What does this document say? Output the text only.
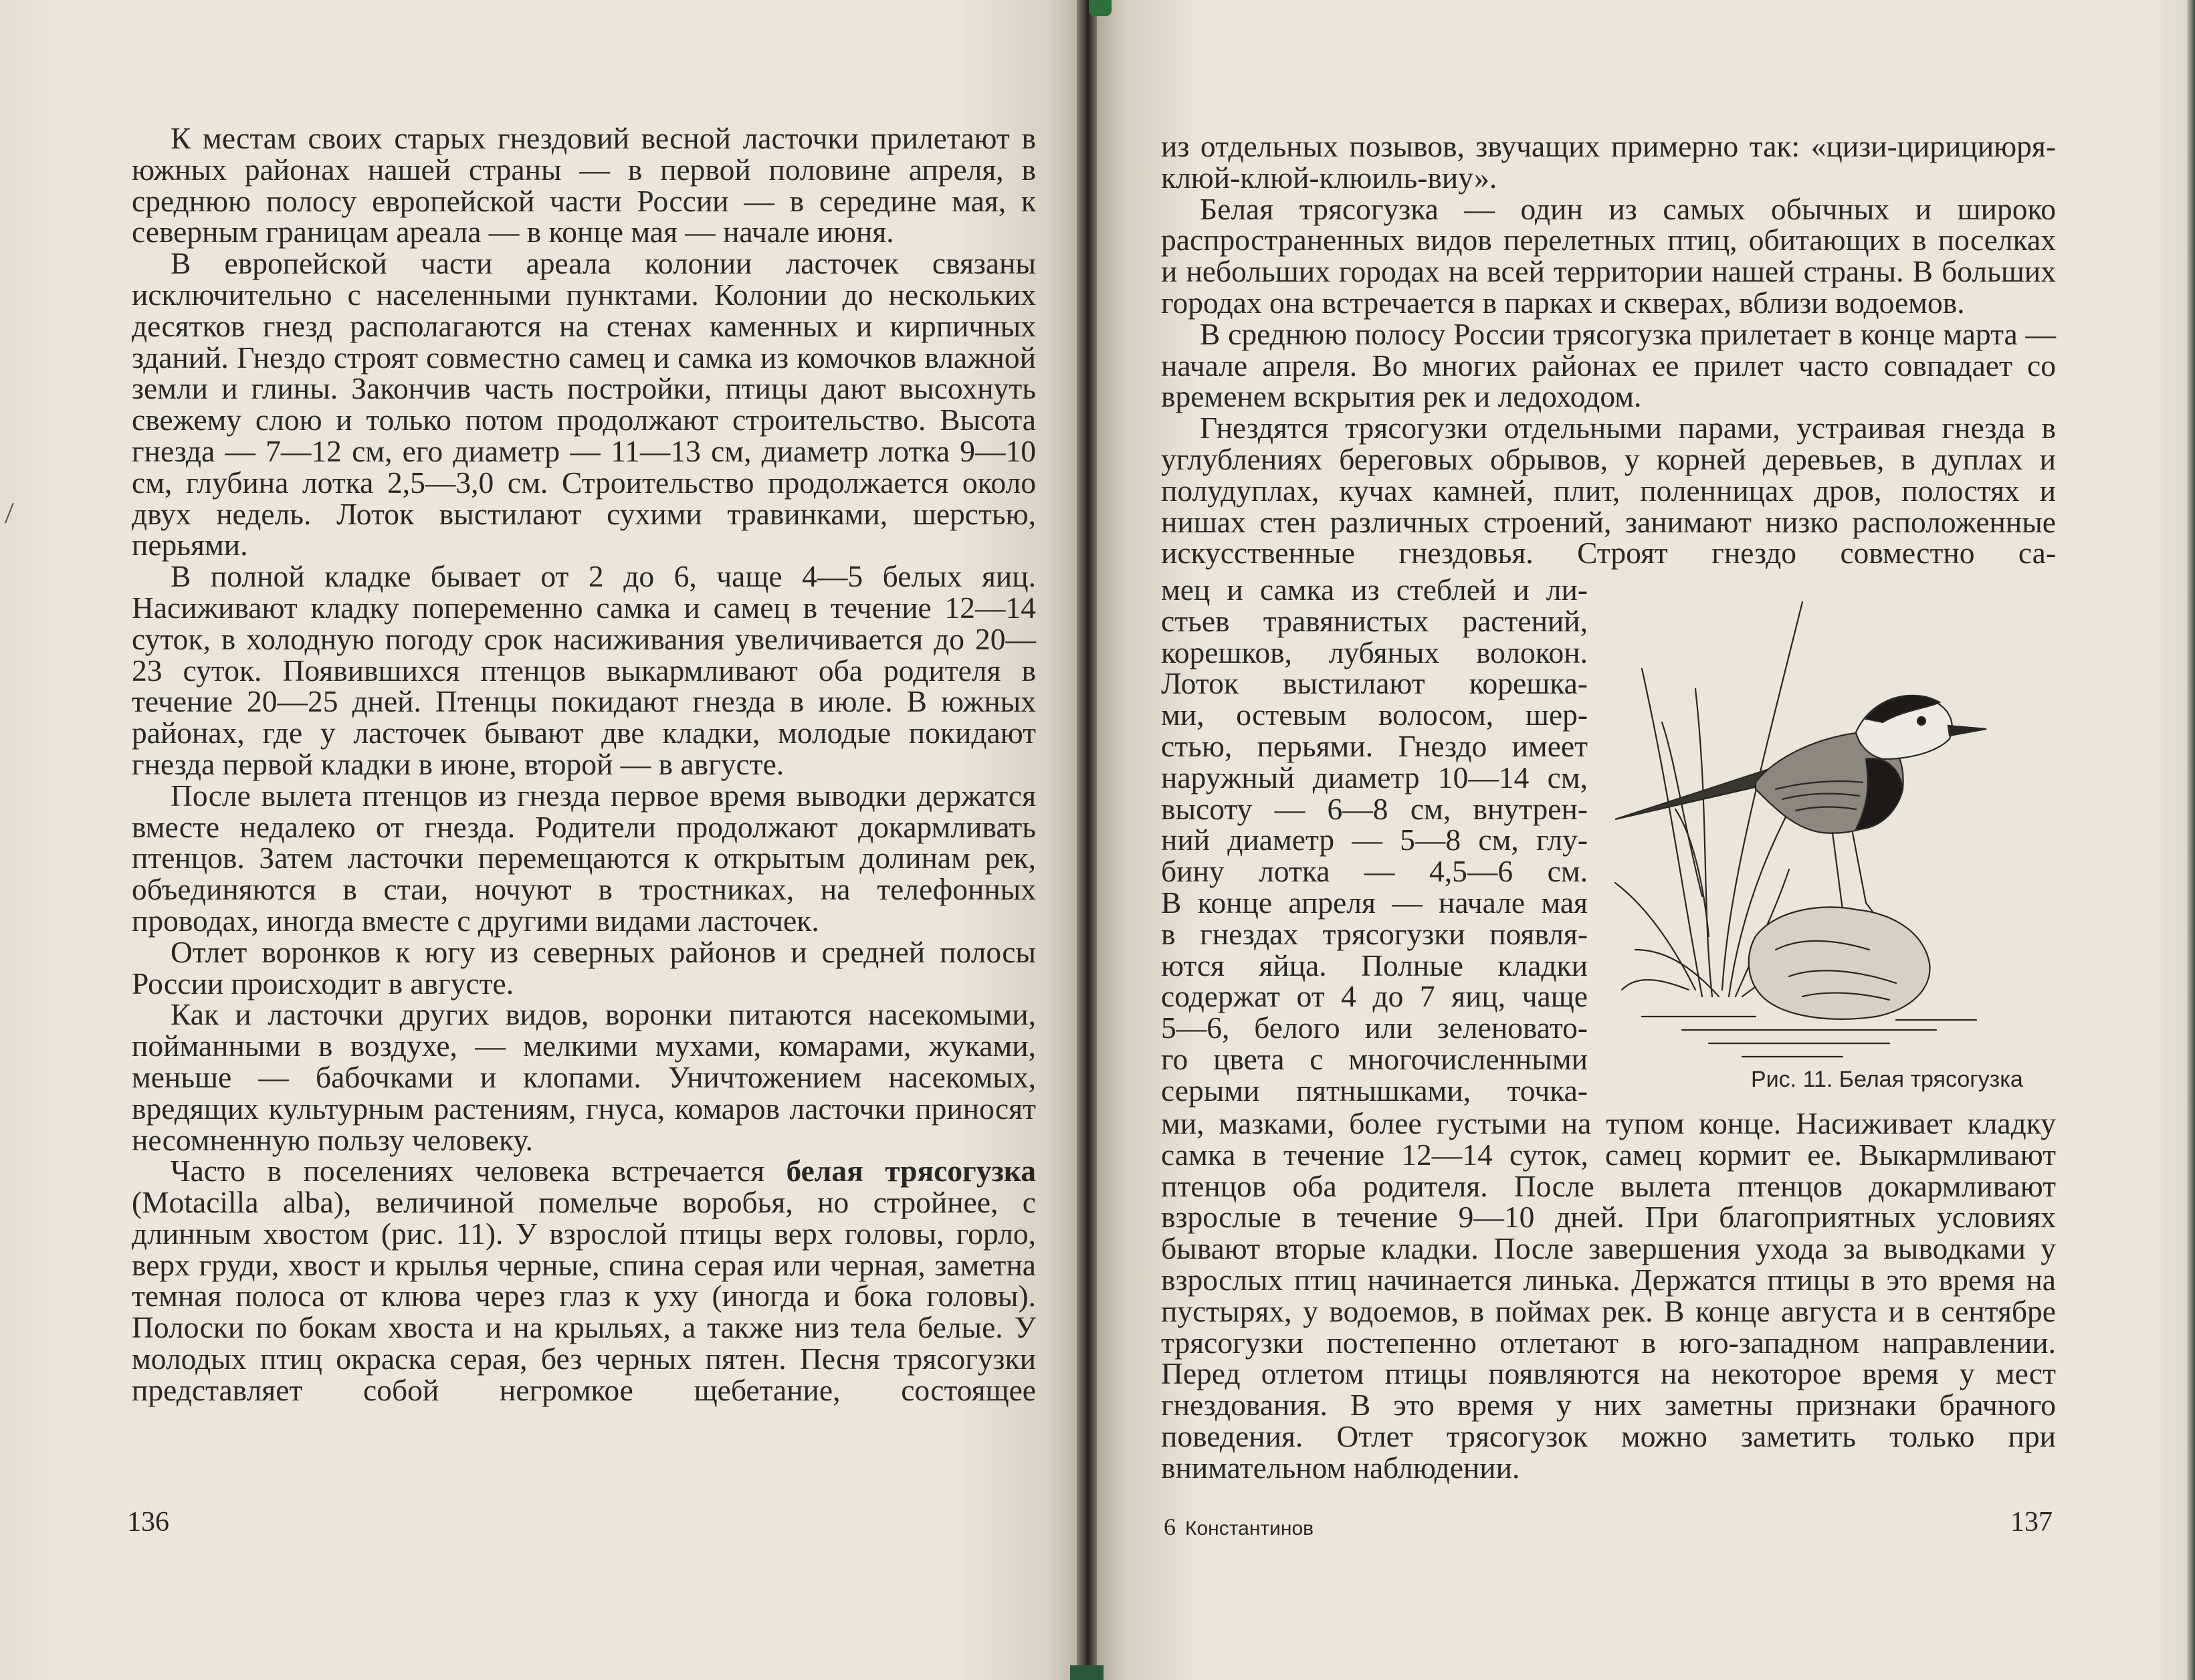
К местам своих старых гнездовий весной ласточки прилетают в южных районах нашей страны — в первой половине апреля, в среднюю полосу европейской части России — в середине мая, к северным границам ареала — в конце мая — начале июня.

В европейской части ареала колонии ласточек связаны исключительно с населенными пунктами. Колонии до нескольких десятков гнезд располагаются на стенах каменных и кирпичных зданий. Гнездо строят совместно самец и самка из комочков влажной земли и глины. Закончив часть постройки, птицы дают высохнуть свежему слою и только потом продолжают строительство. Высота гнезда — 7—12 см, его диаметр — 11—13 см, диаметр лотка 9—10 см, глубина лотка 2,5—3,0 см. Строительство продолжается около двух недель. Лоток выстилают сухими травинками, шерстью, перьями.

В полной кладке бывает от 2 до 6, чаще 4—5 белых яиц. Насиживают кладку попеременно самка и самец в течение 12—14 суток, в холодную погоду срок насиживания увеличивается до 20—23 суток. Появившихся птенцов выкармливают оба родителя в течение 20—25 дней. Птенцы покидают гнезда в июле. В южных районах, где у ласточек бывают две кладки, молодые покидают гнезда первой кладки в июне, второй — в августе.

После вылета птенцов из гнезда первое время выводки держатся вместе недалеко от гнезда. Родители продолжают докармливать птенцов. Затем ласточки перемещаются к открытым долинам рек, объединяются в стаи, ночуют в тростниках, на телефонных проводах, иногда вместе с другими видами ласточек.

Отлет воронков к югу из северных районов и средней полосы России происходит в августе.

Как и ласточки других видов, воронки питаются насекомыми, пойманными в воздухе, — мелкими мухами, комарами, жуками, меньше — бабочками и клопами. Уничтожением насекомых, вредящих культурным растениям, гнуса, комаров ласточки приносят несомненную пользу человеку.

Часто в поселениях человека встречается белая трясогузка (Motacilla alba), величиной помельче воробья, но стройнее, с длинным хвостом (рис. 11). У взрослой птицы верх головы, горло, верх груди, хвост и крылья черные, спина серая или черная, заметна темная полоса от клюва через глаз к уху (иногда и бока головы). Полоски по бокам хвоста и на крыльях, а также низ тела белые. У молодых птиц окраска серая, без черных пятен. Песня трясогузки представляет собой негромкое щебетание, состоящее

136

из отдельных позывов, звучащих примерно так: «цизи-цирициюря-клюй-клюй-клюиль-виу».

Белая трясогузка — один из самых обычных и широко распространенных видов перелетных птиц, обитающих в поселках и небольших городах на всей территории нашей страны. В больших городах она встречается в парках и скверах, вблизи водоемов.

В среднюю полосу России трясогузка прилетает в конце марта — начале апреля. Во многих районах ее прилет часто совпадает со временем вскрытия рек и ледоходом.

Гнездятся трясогузки отдельными парами, устраивая гнезда в углублениях береговых обрывов, у корней деревьев, в дуплах и полудуплах, кучах камней, плит, поленницах дров, полостях и нишах стен различных строений, занимают низко расположенные искусственные гнездовья. Строят гнездо совместно са-

мец и самка из стеблей и ли-
стьев травянистых растений,
корешков, лубяных волокон.
Лоток выстилают корешка-
ми, остевым волосом, шер-
стью, перьями. Гнездо имеет
наружный диаметр 10—14 см,
высоту — 6—8 см, внутрен-
ний диаметр — 5—8 см, глу-
бину лотка — 4,5—6 см.
В конце апреля — начале мая
в гнездах трясогузки появля-
ются яйца. Полные кладки
содержат от 4 до 7 яиц, чаще
5—6, белого или зеленовато-
го цвета с многочисленными
серыми пятнышками, точка-	Рис. 11. Белая трясогузка

ми, мазками, более густыми на тупом конце. Насиживает кладку самка в течение 12—14 суток, самец кормит ее. Выкармливают птенцов оба родителя. После вылета птенцов докармливают взрослые в течение 9—10 дней. При благоприятных условиях бывают вторые кладки. После завершения ухода за выводками у взрослых птиц начинается линька. Держатся птицы в это время на пустырях, у водоемов, в поймах рек. В конце августа и в сентябре трясогузки постепенно отлетают в юго-западном направлении. Перед отлетом птицы появляются на некоторое время у мест гнездования. В это время у них заметны признаки брачного поведения. Отлет трясогузок можно заметить только при внимательном наблюдении.

6 Константинов	137
